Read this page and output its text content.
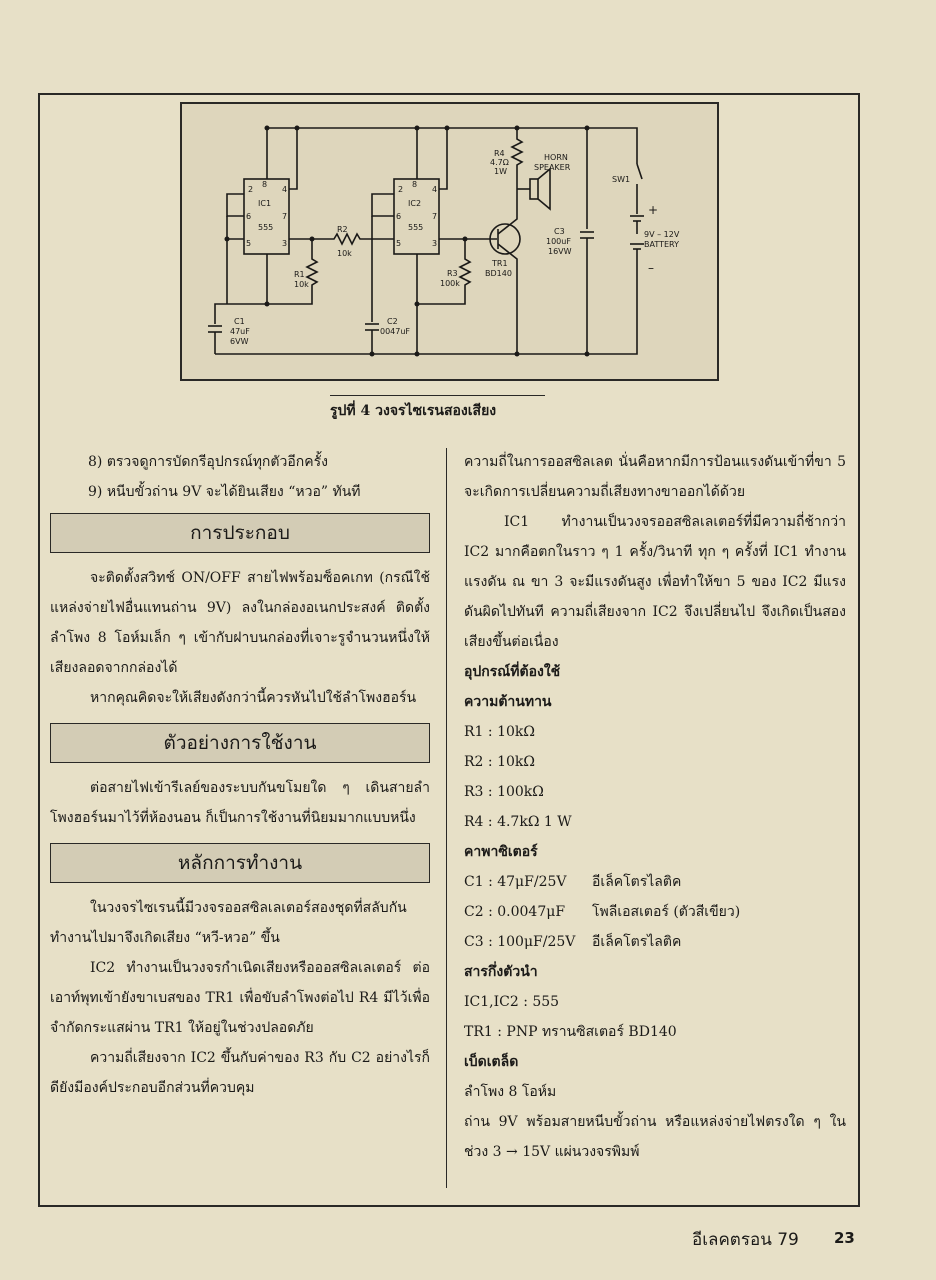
8
2	4
IC1
6	7
555
5	3
8
2	4
IC2
6	7
555
5	3
R1
10k
R2
10k
R3
100k
R4
4.7Ω
1W
C1
47uF
6VW
C2
0047uF
C3
100uF
16VW
TR1
BD140
HORN
SPEAKER
SW1
+
–
9V – 12V
BATTERY
รูปที่ 4 วงจรไซเรนสองเสียง

8) ตรวจดูการบัดกรีอุปกรณ์ทุกตัวอีกครั้ง

9) หนีบขั้วถ่าน 9V จะได้ยินเสียง “หวอ” ทันที

การประกอบ

จะติดตั้งสวิทช์ ON/OFF สายไฟพร้อมซ็อคเกท (กรณีใช้แหล่งจ่ายไฟอื่นแทนถ่าน 9V) ลงในกล่องอเนกประสงค์ ติดตั้งลำโพง 8 โอห์มเล็ก ๆ เข้ากับฝาบนกล่องที่เจาะรูจำนวนหนึ่งให้เสียงลอดจากกล่องได้

หากคุณคิดจะให้เสียงดังกว่านี้ควรหันไปใช้ลำโพงฮอร์น

ตัวอย่างการใช้งาน

ต่อสายไฟเข้ารีเลย์ของระบบกันขโมยใด ๆ เดินสายลำโพงฮอร์นมาไว้ที่ห้องนอน ก็เป็นการใช้งานที่นิยมมากแบบหนึ่ง

หลักการทำงาน

ในวงจรไซเรนนี้มีวงจรออสซิลเลเตอร์สองชุดที่สลับกันทำงานไปมาจึงเกิดเสียง “หวี-หวอ” ขึ้น

IC2 ทำงานเป็นวงจรกำเนิดเสียงหรือออสซิลเลเตอร์ ต่อเอาท์พุทเข้ายังขาเบสของ TR1 เพื่อขับลำโพงต่อไป R4 มีไว้เพื่อจำกัดกระแสผ่าน TR1 ให้อยู่ในช่วงปลอดภัย

ความถี่เสียงจาก IC2 ขึ้นกับค่าของ R3 กับ C2 อย่างไรก็ดียังมีองค์ประกอบอีกส่วนที่ควบคุม

ความถี่ในการออสซิลเลต นั่นคือหากมีการป้อนแรงดันเข้าที่ขา 5 จะเกิดการเปลี่ยนความถี่เสียงทางขาออกได้ด้วย

IC1 ทำงานเป็นวงจรออสซิลเลเตอร์ที่มีความถี่ช้ากว่า IC2 มากคือตกในราว ๆ 1 ครั้ง/วินาที ทุก ๆ ครั้งที่ IC1 ทำงานแรงดัน ณ ขา 3 จะมีแรงดันสูง เพื่อทำให้ขา 5 ของ IC2 มีแรงดันผิดไปทันที ความถี่เสียงจาก IC2 จึงเปลี่ยนไป จึงเกิดเป็นสองเสียงขึ้นต่อเนื่อง

อุปกรณ์ที่ต้องใช้

ความต้านทาน

R1 : 10kΩ

R2 : 10kΩ

R3 : 100kΩ

R4 : 4.7kΩ 1 W

คาพาซิเตอร์

C1 : 47μF/25V	อีเล็คโตรไลติค
C2 : 0.0047μF	โพลีเอสเตอร์ (ตัวสีเขียว)
C3 : 100μF/25V	อีเล็คโตรไลติค

สารกึ่งตัวนำ

IC1,IC2 : 555

TR1 : PNP ทรานซิสเตอร์ BD140

เบ็ดเตล็ด

ลำโพง 8 โอห์ม

ถ่าน 9V พร้อมสายหนีบขั้วถ่าน หรือแหล่งจ่ายไฟตรงใด ๆ ในช่วง 3 → 15V แผ่นวงจรพิมพ์

อีเลคตรอน 79 23
